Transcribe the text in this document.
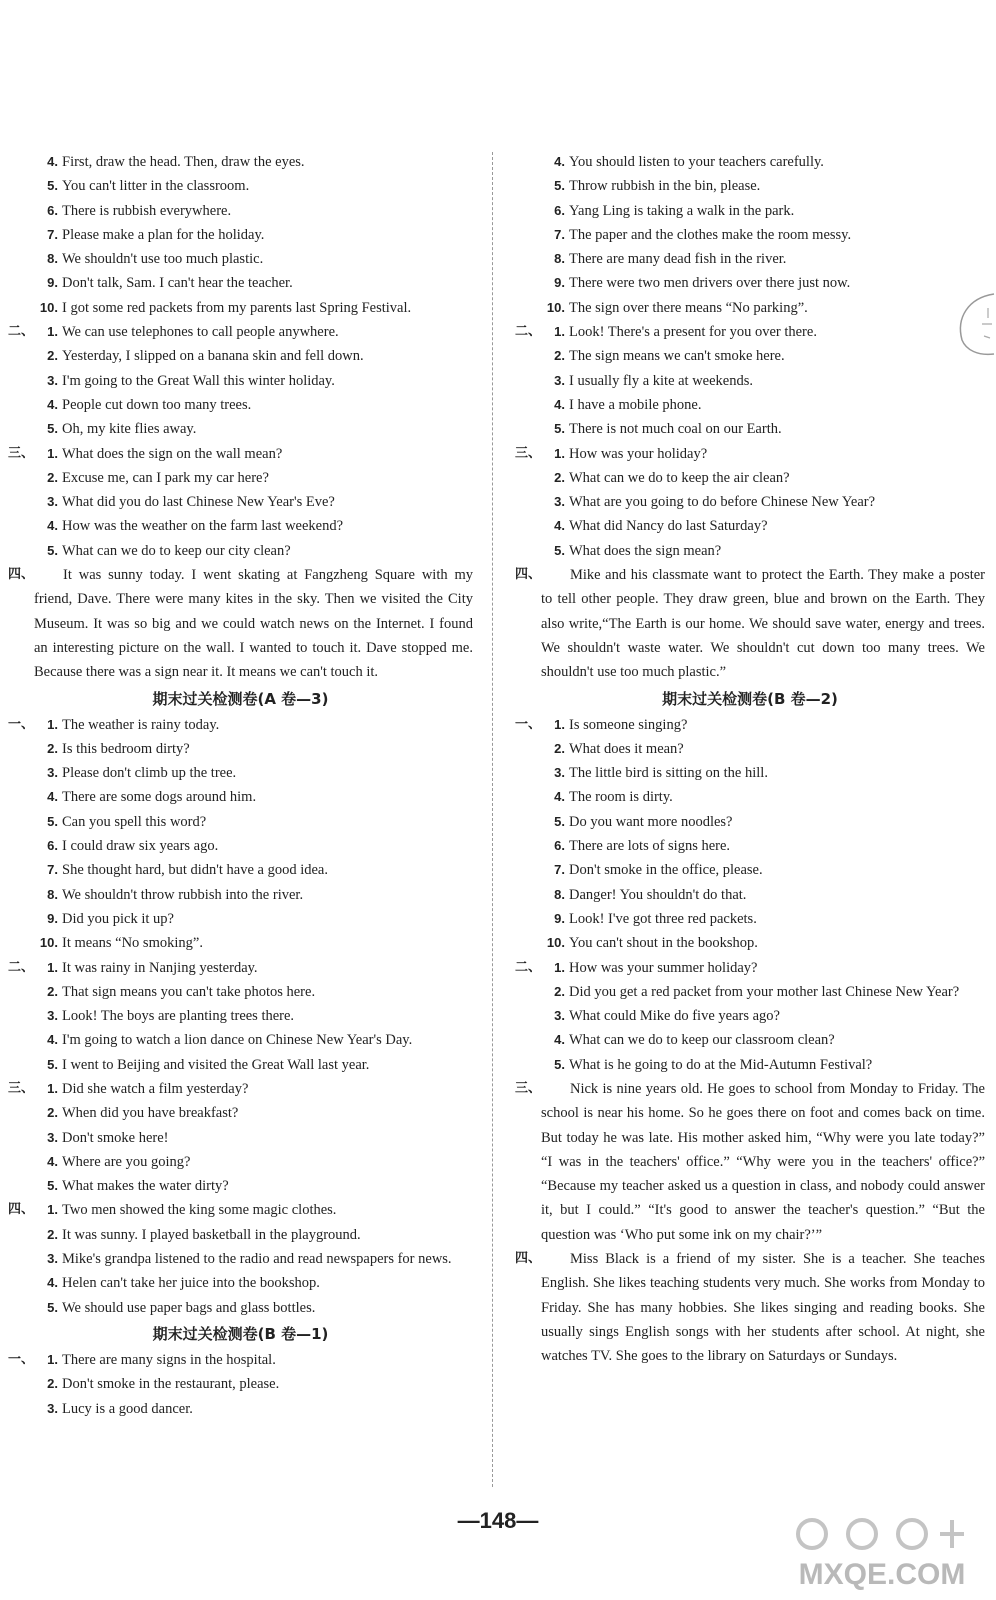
4. First, draw the head. Then, draw the eyes.
5. You can't litter in the classroom.
6. There is rubbish everywhere.
7. Please make a plan for the holiday.
8. We shouldn't use too much plastic.
9. Don't talk, Sam. I can't hear the teacher.
10. I got some red packets from my parents last Spring Festival.
二、	1. We can use telephones to call people anywhere.
2. Yesterday, I slipped on a banana skin and fell down.
3. I'm going to the Great Wall this winter holiday.
4. People cut down too many trees.
5. Oh, my kite flies away.
三、	1. What does the sign on the wall mean?
2. Excuse me, can I park my car here?
3. What did you do last Chinese New Year's Eve?
4. How was the weather on the farm last weekend?
5. What can we do to keep our city clean?
四、	It was sunny today. I went skating at Fangzheng Square with my friend, Dave. There were many kites in the sky. Then we visited the City Museum. It was so big and we could watch news on the Internet. I found an interesting picture on the wall. I wanted to touch it. Dave stopped me. Because there was a sign near it. It means we can't touch it.
期末过关检测卷(A 卷—3)
一、	1. The weather is rainy today.
2. Is this bedroom dirty?
3. Please don't climb up the tree.
4. There are some dogs around him.
5. Can you spell this word?
6. I could draw six years ago.
7. She thought hard, but didn't have a good idea.
8. We shouldn't throw rubbish into the river.
9. Did you pick it up?
10. It means “No smoking”.
二、	1. It was rainy in Nanjing yesterday.
2. That sign means you can't take photos here.
3. Look! The boys are planting trees there.
4. I'm going to watch a lion dance on Chinese New Year's Day.
5. I went to Beijing and visited the Great Wall last year.
三、	1. Did she watch a film yesterday?
2. When did you have breakfast?
3. Don't smoke here!
4. Where are you going?
5. What makes the water dirty?
四、	1. Two men showed the king some magic clothes.
2. It was sunny. I played basketball in the playground.
3. Mike's grandpa listened to the radio and read newspapers for news.
4. Helen can't take her juice into the bookshop.
5. We should use paper bags and glass bottles.
期末过关检测卷(B 卷—1)
一、	1. There are many signs in the hospital.
2. Don't smoke in the restaurant, please.
3. Lucy is a good dancer.
4. You should listen to your teachers carefully.
5. Throw rubbish in the bin, please.
6. Yang Ling is taking a walk in the park.
7. The paper and the clothes make the room messy.
8. There are many dead fish in the river.
9. There were two men drivers over there just now.
10. The sign over there means “No parking”.
二、	1. Look! There's a present for you over there.
2. The sign means we can't smoke here.
3. I usually fly a kite at weekends.
4. I have a mobile phone.
5. There is not much coal on our Earth.
三、	1. How was your holiday?
2. What can we do to keep the air clean?
3. What are you going to do before Chinese New Year?
4. What did Nancy do last Saturday?
5. What does the sign mean?
四、	Mike and his classmate want to protect the Earth. They make a poster to tell other people. They draw green, blue and brown on the Earth. They also write,“The Earth is our home. We should save water, energy and trees. We shouldn't waste water. We shouldn't cut down too many trees. We shouldn't use too much plastic.”
期末过关检测卷(B 卷—2)
一、	1. Is someone singing?
2. What does it mean?
3. The little bird is sitting on the hill.
4. The room is dirty.
5. Do you want more noodles?
6. There are lots of signs here.
7. Don't smoke in the office, please.
8. Danger! You shouldn't do that.
9. Look! I've got three red packets.
10. You can't shout in the bookshop.
二、	1. How was your summer holiday?
2. Did you get a red packet from your mother last Chinese New Year?
3. What could Mike do five years ago?
4. What can we do to keep our classroom clean?
5. What is he going to do at the Mid-Autumn Festival?
三、	Nick is nine years old. He goes to school from Monday to Friday. The school is near his home. So he goes there on foot and comes back on time. But today he was late. His mother asked him, “Why were you late today?” “I was in the teachers' office.” “Why were you in the teachers' office?” “Because my teacher asked us a question in class, and nobody could answer it, but I could.” “It's good to answer the teacher's question.” “But the question was ‘Who put some ink on my chair?’”
四、	Miss Black is a friend of my sister. She is a teacher. She teaches English. She likes teaching students very much. She works from Monday to Friday. She has many hobbies. She likes singing and reading books. She usually sings English songs with her students after school. At night, she watches TV. She goes to the library on Saturdays or Sundays.
—148—
MXQE.COM
